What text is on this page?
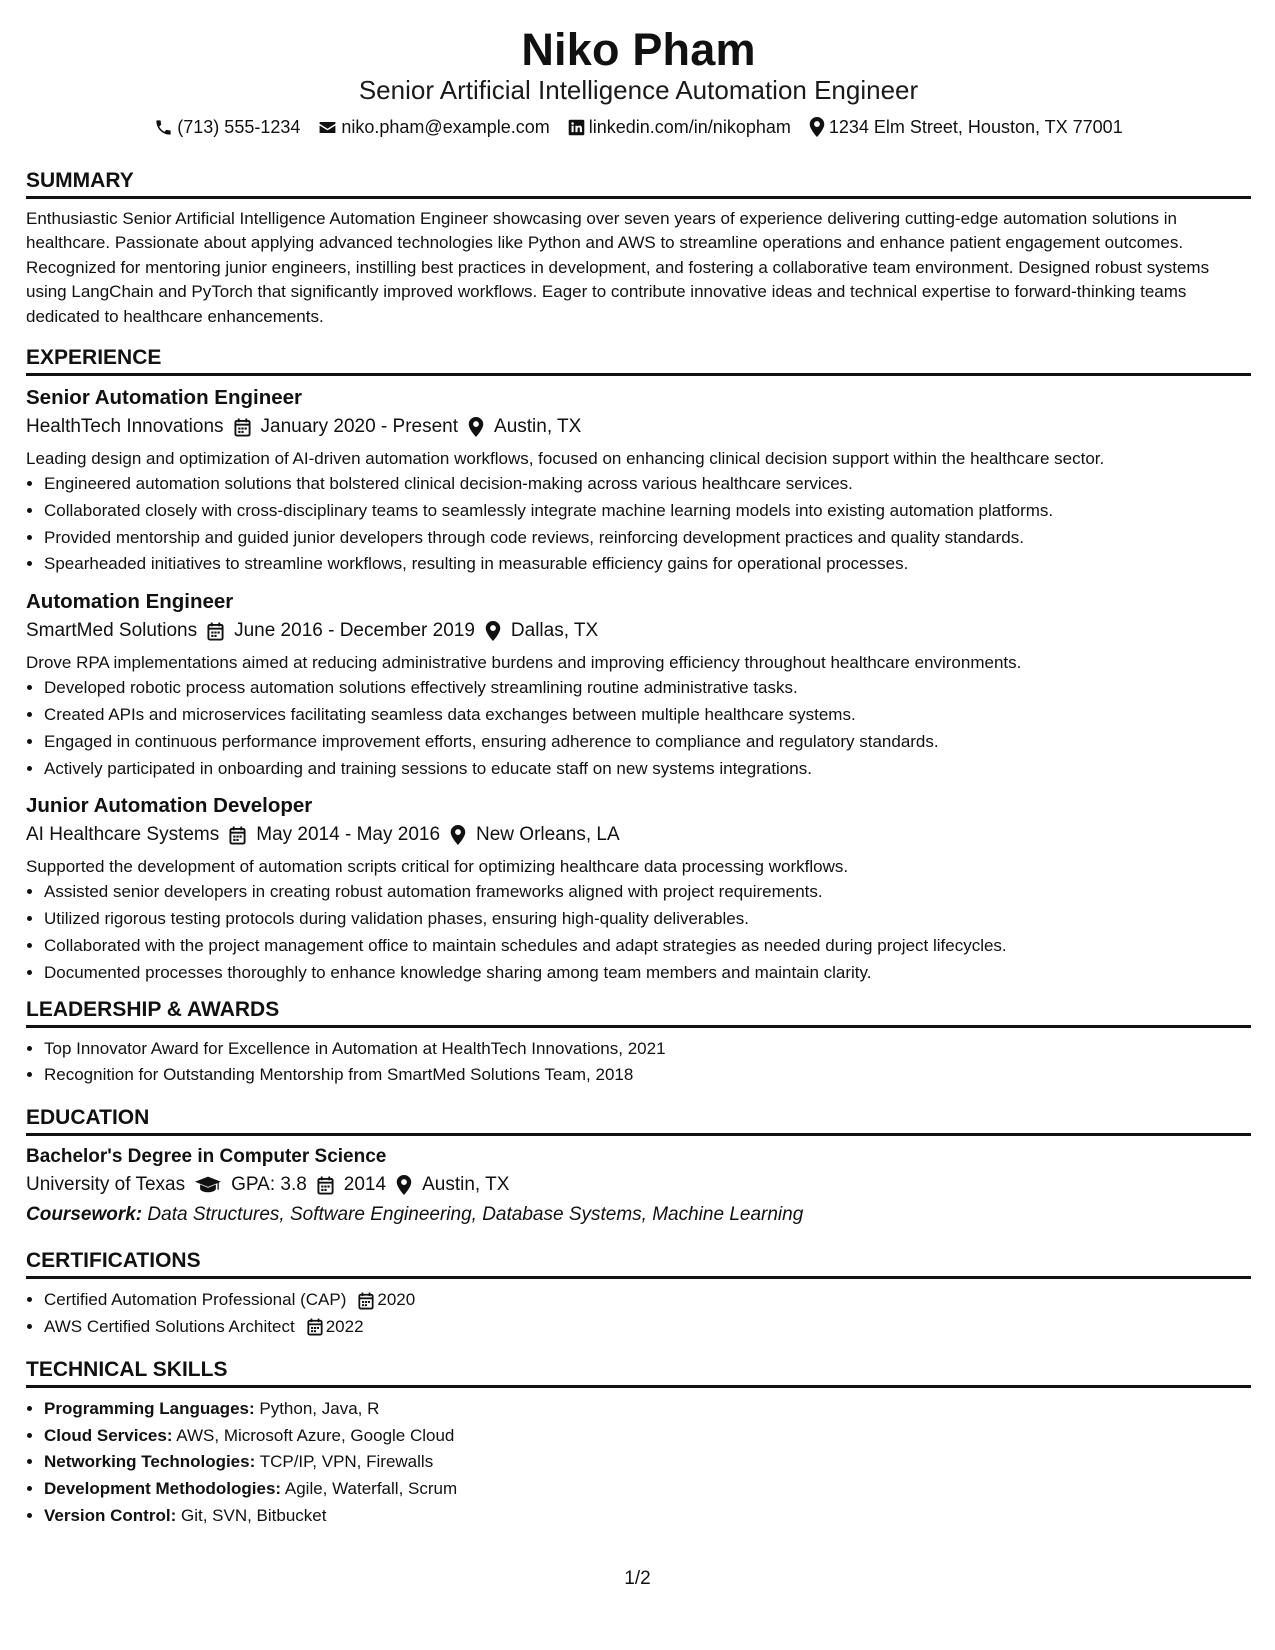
Niko Pham
Senior Artificial Intelligence Automation Engineer
(713) 555-1234 niko.pham@example.com linkedin.com/in/nikopham 1234 Elm Street, Houston, TX 77001
SUMMARY
Enthusiastic Senior Artificial Intelligence Automation Engineer showcasing over seven years of experience delivering cutting-edge automation solutions in healthcare. Passionate about applying advanced technologies like Python and AWS to streamline operations and enhance patient engagement outcomes. Recognized for mentoring junior engineers, instilling best practices in development, and fostering a collaborative team environment. Designed robust systems using LangChain and PyTorch that significantly improved workflows. Eager to contribute innovative ideas and technical expertise to forward-thinking teams dedicated to healthcare enhancements.
EXPERIENCE
Senior Automation Engineer
HealthTech Innovations January 2020 - Present Austin, TX
Leading design and optimization of AI-driven automation workflows, focused on enhancing clinical decision support within the healthcare sector.
• Engineered automation solutions that bolstered clinical decision-making across various healthcare services.
• Collaborated closely with cross-disciplinary teams to seamlessly integrate machine learning models into existing automation platforms.
• Provided mentorship and guided junior developers through code reviews, reinforcing development practices and quality standards.
• Spearheaded initiatives to streamline workflows, resulting in measurable efficiency gains for operational processes.
Automation Engineer
SmartMed Solutions June 2016 - December 2019 Dallas, TX
Drove RPA implementations aimed at reducing administrative burdens and improving efficiency throughout healthcare environments.
• Developed robotic process automation solutions effectively streamlining routine administrative tasks.
• Created APIs and microservices facilitating seamless data exchanges between multiple healthcare systems.
• Engaged in continuous performance improvement efforts, ensuring adherence to compliance and regulatory standards.
• Actively participated in onboarding and training sessions to educate staff on new systems integrations.
Junior Automation Developer
AI Healthcare Systems May 2014 - May 2016 New Orleans, LA
Supported the development of automation scripts critical for optimizing healthcare data processing workflows.
• Assisted senior developers in creating robust automation frameworks aligned with project requirements.
• Utilized rigorous testing protocols during validation phases, ensuring high-quality deliverables.
• Collaborated with the project management office to maintain schedules and adapt strategies as needed during project lifecycles.
• Documented processes thoroughly to enhance knowledge sharing among team members and maintain clarity.
LEADERSHIP & AWARDS
• Top Innovator Award for Excellence in Automation at HealthTech Innovations, 2021
• Recognition for Outstanding Mentorship from SmartMed Solutions Team, 2018
EDUCATION
Bachelor's Degree in Computer Science
University of Texas GPA: 3.8 2014 Austin, TX
Coursework: Data Structures, Software Engineering, Database Systems, Machine Learning
CERTIFICATIONS
• Certified Automation Professional (CAP) 2020
• AWS Certified Solutions Architect 2022
TECHNICAL SKILLS
• Programming Languages: Python, Java, R
• Cloud Services: AWS, Microsoft Azure, Google Cloud
• Networking Technologies: TCP/IP, VPN, Firewalls
• Development Methodologies: Agile, Waterfall, Scrum
• Version Control: Git, SVN, Bitbucket
1/2
